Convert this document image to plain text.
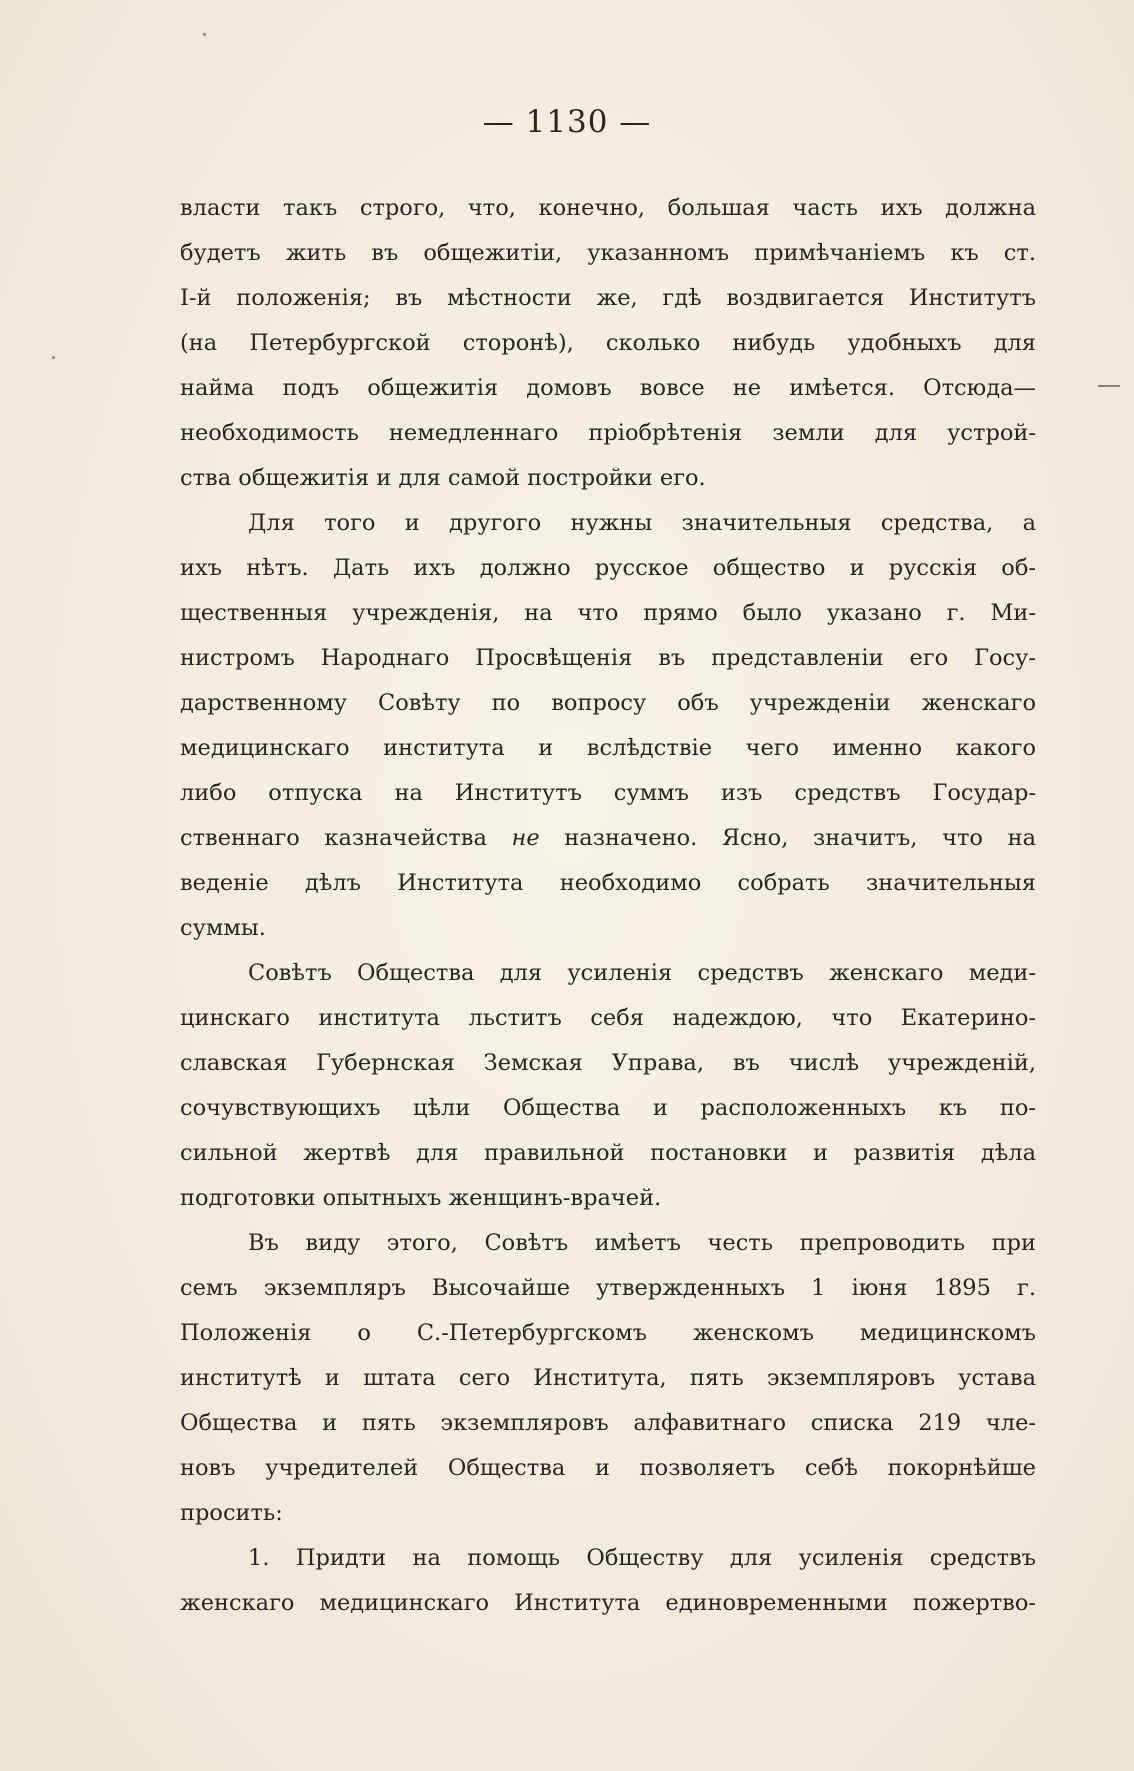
— 1130 —
власти такъ строго, что, конечно, большая часть ихъ должна
будетъ жить въ общежитіи, указанномъ примѣчаніемъ къ ст.
І-й положенія; въ мѣстности же, гдѣ воздвигается Институтъ
(на Петербургской сторонѣ), сколько нибудь удобныхъ для
найма подъ общежитія домовъ вовсе не имѣется. Отсюда—
необходимость немедленнаго пріобрѣтенія земли для устрой-
ства общежитія и для самой постройки его.
Для того и другого нужны значительныя средства, а
ихъ нѣтъ. Дать ихъ должно русское общество и русскія об-
щественныя учрежденія, на что прямо было указано г. Ми-
нистромъ Народнаго Просвѣщенія въ представленіи его Госу-
дарственному Совѣту по вопросу объ учрежденіи женскаго
медицинскаго института и вслѣдствіе чего именно какого
либо отпуска на Институтъ суммъ изъ средствъ Государ-
ственнаго казначейства не назначено. Ясно, значитъ, что на
веденіе дѣлъ Института необходимо собрать значительныя
суммы.
Совѣтъ Общества для усиленія средствъ женскаго меди-
цинскаго института льститъ себя надеждою, что Екатерино-
славская Губернская Земская Управа, въ числѣ учрежденій,
сочувствующихъ цѣли Общества и расположенныхъ къ по-
сильной жертвѣ для правильной постановки и развитія дѣла
подготовки опытныхъ женщинъ-врачей.
Въ виду этого, Совѣтъ имѣетъ честь препроводить при
семъ экземпляръ Высочайше утвержденныхъ 1 іюня 1895 г.
Положенія о С.-Петербургскомъ женскомъ медицинскомъ
институтѣ и штата сего Института, пять экземпляровъ устава
Общества и пять экземпляровъ алфавитнаго списка 219 чле-
новъ учредителей Общества и позволяетъ себѣ покорнѣйше
просить:
1. Придти на помощь Обществу для усиленія средствъ
женскаго медицинскаго Института единовременными пожертво-
